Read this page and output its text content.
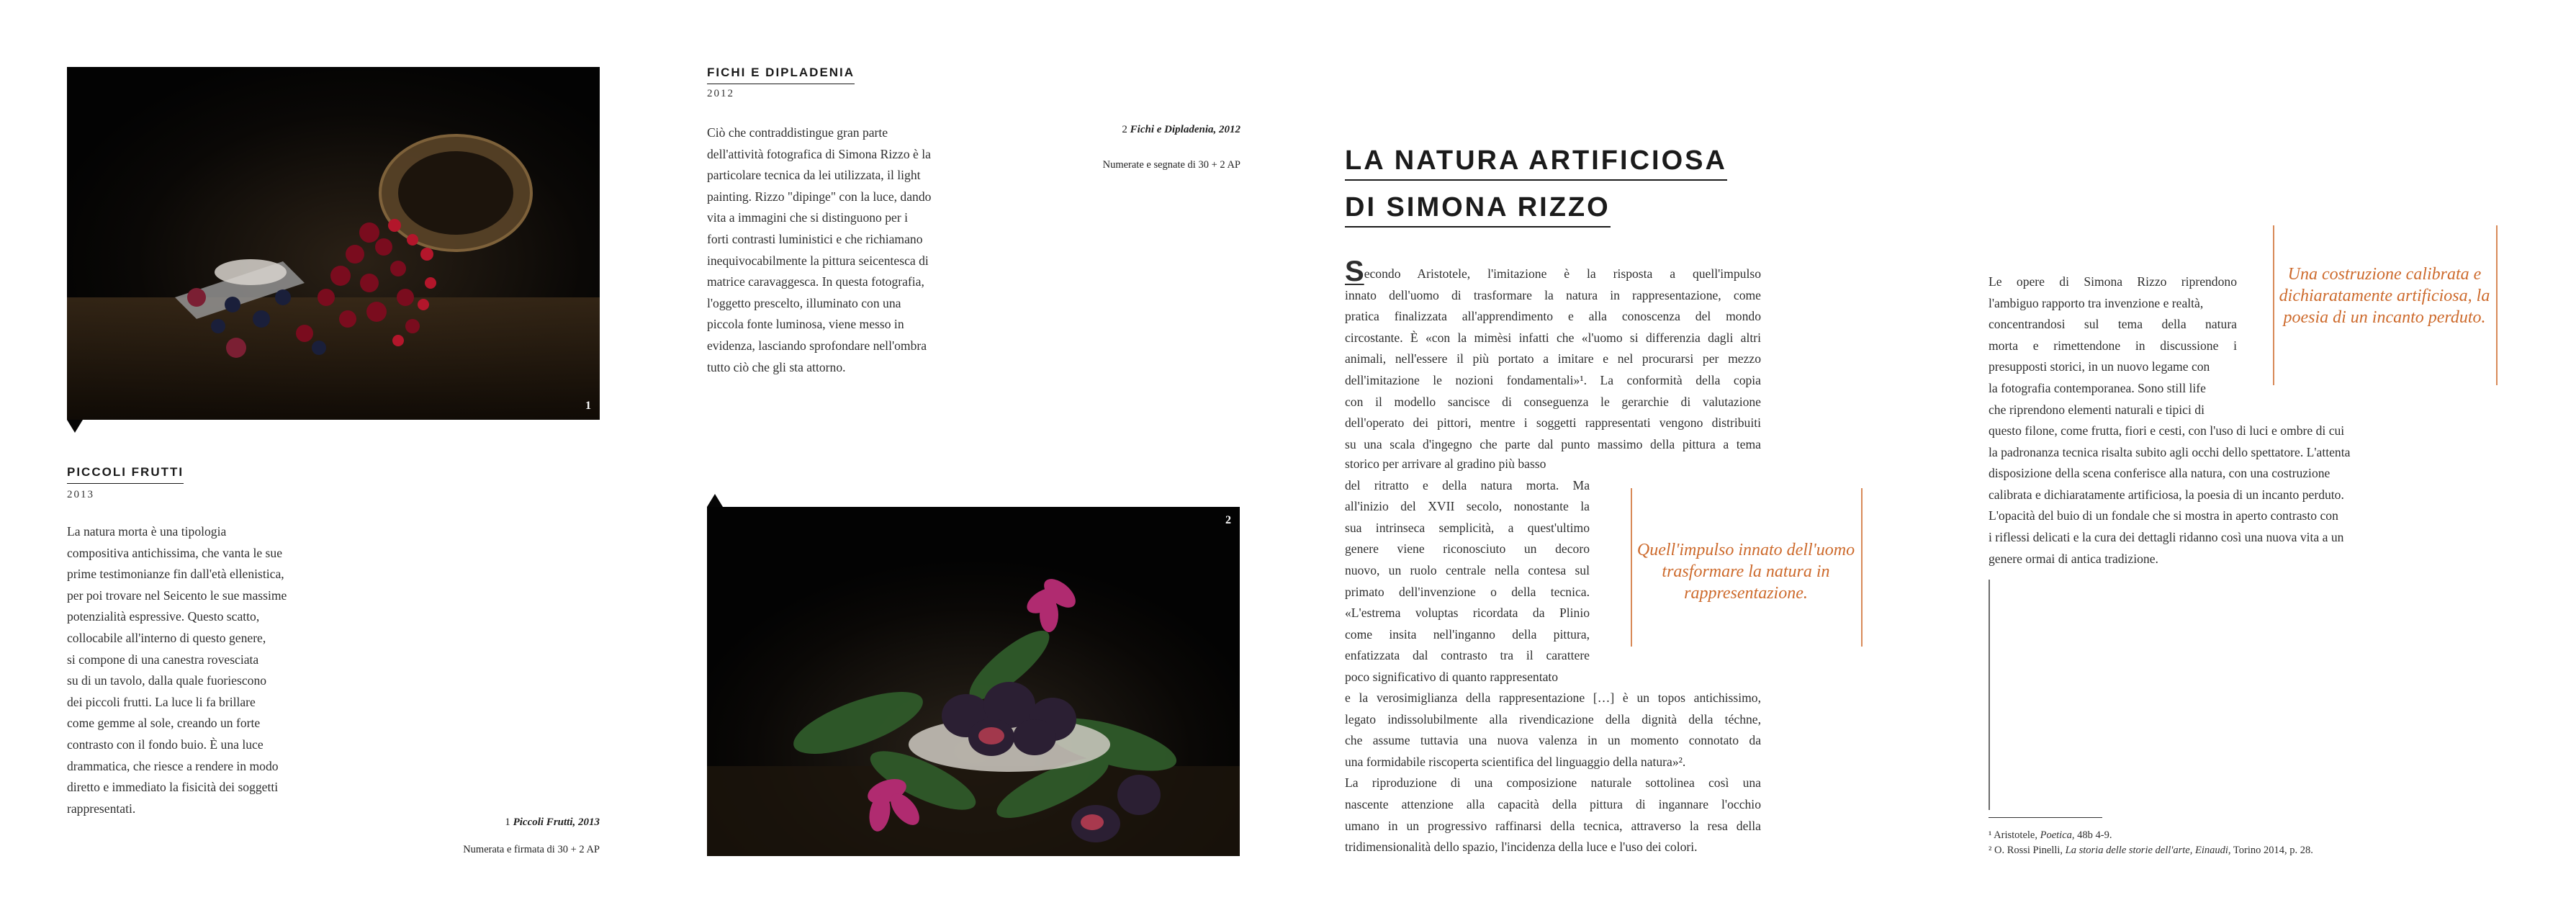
1
PICCOLI FRUTTI
2013

La natura morta è una tipologia

compositiva antichissima, che vanta le sue

prime testimonianze fin dall'età ellenistica,

per poi trovare nel Seicento le sue massime

potenzialità espressive. Questo scatto,

collocabile all'interno di questo genere,

si compone di una canestra rovesciata

su di un tavolo, dalla quale fuoriescono

dei piccoli frutti. La luce li fa brillare

come gemme al sole, creando un forte

contrasto con il fondo buio. È una luce

drammatica, che riesce a rendere in modo

diretto e immediato la fisicità dei soggetti

rappresentati.

1 Piccoli Frutti, 2013
Numerata e firmata di 30 + 2 AP
FICHI E DIPLADENIA
2012

Ciò che contraddistingue gran parte

dell'attività fotografica di Simona Rizzo è la

particolare tecnica da lei utilizzata, il light

painting. Rizzo "dipinge" con la luce, dando

vita a immagini che si distinguono per i

forti contrasti luministici e che richiamano

inequivocabilmente la pittura seicentesca di

matrice caravaggesca. In questa fotografia,

l'oggetto prescelto, illuminato con una

piccola fonte luminosa, viene messo in

evidenza, lasciando sprofondare nell'ombra

tutto ciò che gli sta attorno.

2 Fichi e Dipladenia, 2012
Numerate e segnate di 30 + 2 AP
2
LA NATURA ARTIFICIOSA
DI SIMONA RIZZO

Secondo Aristotele, l'imitazione è la risposta a quell'impulso

innato dell'uomo di trasformare la natura in rappresentazione, come

pratica finalizzata all'apprendimento e alla conoscenza del mondo

circostante. È «con la mimèsi infatti che «l'uomo si differenzia dagli altri

animali, nell'essere il più portato a imitare e nel procurarsi per mezzo

dell'imitazione le nozioni fondamentali»¹. La conformità della copia

con il modello sancisce di conseguenza le gerarchie di valutazione

dell'operato dei pittori, mentre i soggetti rappresentati vengono distribuiti

su una scala d'ingegno che parte dal punto massimo della pittura a tema

storico per arrivare al gradino più basso

del ritratto e della natura morta. Ma

all'inizio del XVII secolo, nonostante la

sua intrinseca semplicità, a quest'ultimo

genere viene riconosciuto un decoro

nuovo, un ruolo centrale nella contesa sul

primato dell'invenzione o della tecnica.

«L'estrema voluptas ricordata da Plinio

come insita nell'inganno della pittura,

enfatizzata dal contrasto tra il carattere

poco significativo di quanto rappresentato

Quell'impulso innato dell'uomo trasformare la natura in rappresentazione.

e la verosimiglianza della rappresentazione […] è un topos antichissimo,

legato indissolubilmente alla rivendicazione della dignità della téchne,

che assume tuttavia una nuova valenza in un momento connotato da

una formidabile riscoperta scientifica del linguaggio della natura»².

La riproduzione di una composizione naturale sottolinea così una

nascente attenzione alla capacità della pittura di ingannare l'occhio

umano in un progressivo raffinarsi della tecnica, attraverso la resa della

tridimensionalità dello spazio, l'incidenza della luce e l'uso dei colori.

Una costruzione calibrata e dichiaratamente artificiosa, la poesia di un incanto perduto.

Le opere di Simona Rizzo riprendono

l'ambiguo rapporto tra invenzione e realtà,

concentrandosi sul tema della natura

morta e rimettendone in discussione i

presupposti storici, in un nuovo legame con

la fotografia contemporanea. Sono still life

che riprendono elementi naturali e tipici di

questo filone, come frutta, fiori e cesti, con l'uso di luci e ombre di cui

la padronanza tecnica risalta subito agli occhi dello spettatore. L'attenta

disposizione della scena conferisce alla natura, con una costruzione

calibrata e dichiaratamente artificiosa, la poesia di un incanto perduto.

L'opacità del buio di un fondale che si mostra in aperto contrasto con

i riflessi delicati e la cura dei dettagli ridanno così una nuova vita a un

genere ormai di antica tradizione.

¹ Aristotele, Poetica, 48b 4-9.
² O. Rossi Pinelli, La storia delle storie dell'arte, Einaudi, Torino 2014, p. 28.
